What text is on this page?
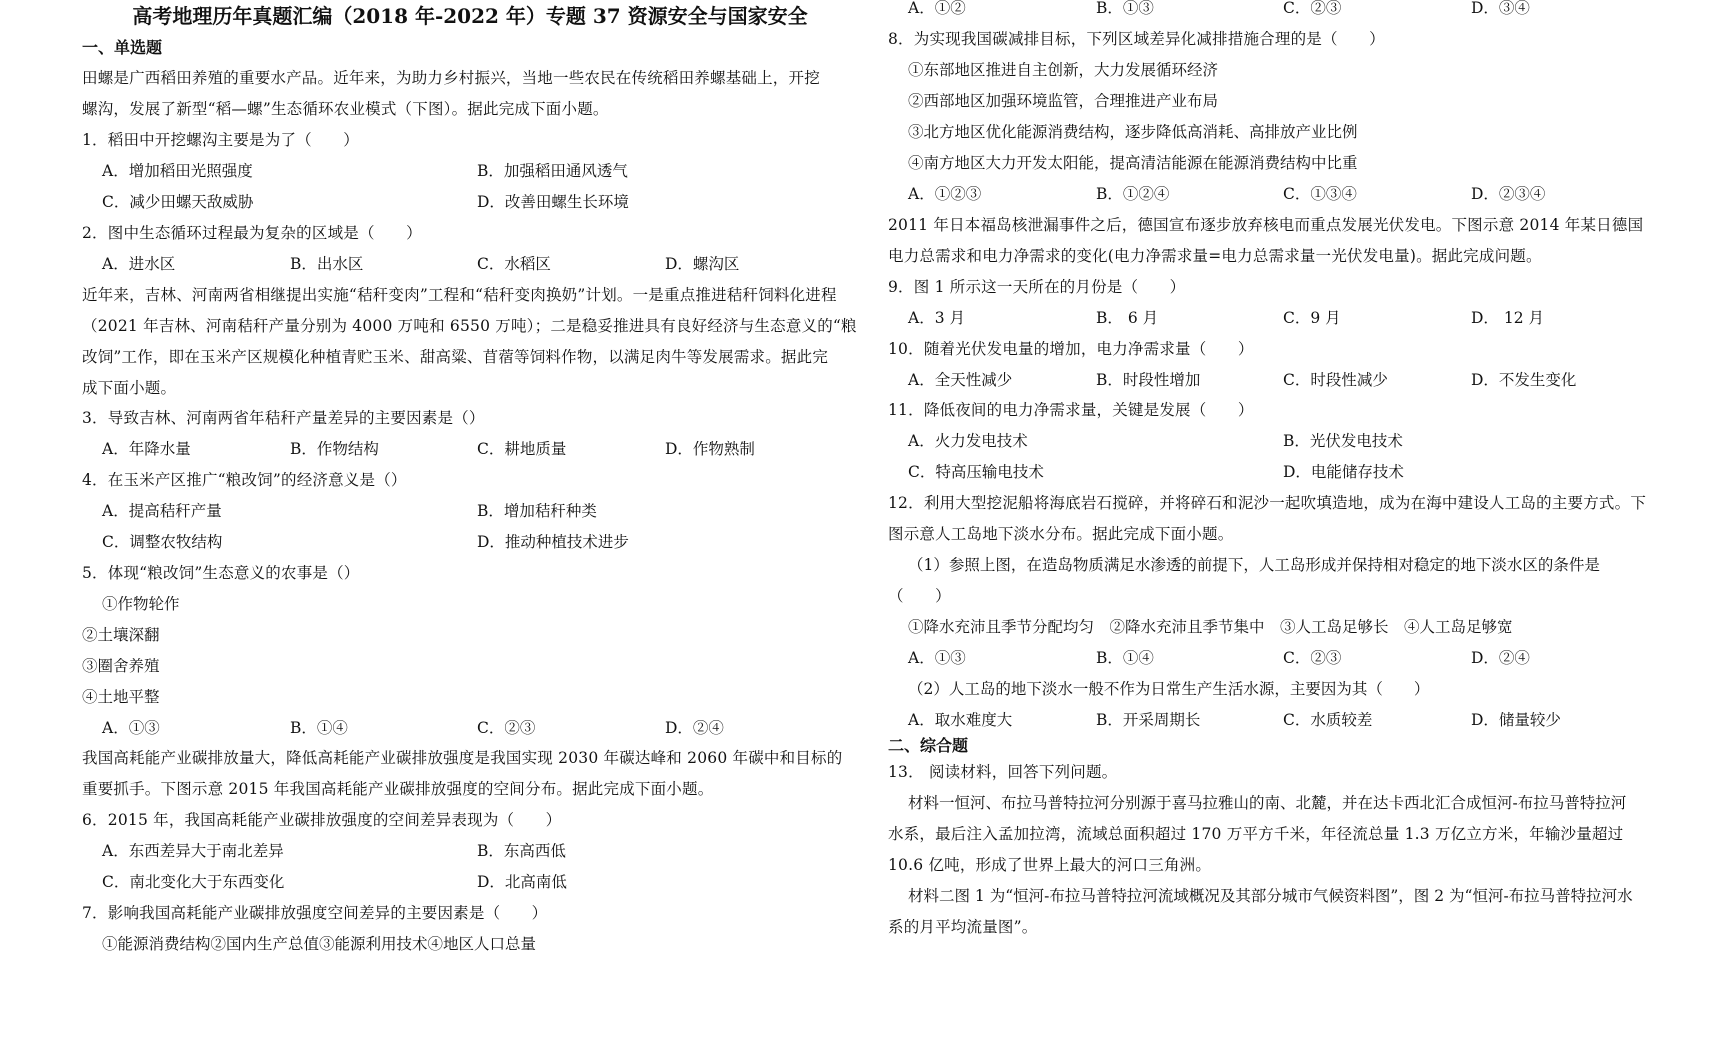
高考地理历年真题汇编（2018 年-2022 年）专题 37 资源安全与国家安全
一、单选题
田螺是广西稻田养殖的重要水产品。近年来，为助力乡村振兴，当地一些农民在传统稻田养螺基础上，开挖
螺沟，发展了新型“稻—螺”生态循环农业模式（下图）。据此完成下面小题。
1．稻田中开挖螺沟主要是为了（　　）
A．增加稻田光照强度	B．加强稻田通风透气
C．减少田螺天敌威胁	D．改善田螺生长环境
2．图中生态循环过程最为复杂的区域是（　　）
A．进水区	B．出水区	C．水稻区	D．螺沟区
近年来，吉林、河南两省相继提出实施“秸秆变肉”工程和“秸秆变肉换奶”计划。一是重点推进秸秆饲料化进程
（2021 年吉林、河南秸秆产量分别为 4000 万吨和 6550 万吨）；二是稳妥推进具有良好经济与生态意义的“粮
改饲”工作，即在玉米产区规模化种植青贮玉米、甜高粱、苜蓿等饲料作物，以满足肉牛等发展需求。据此完
成下面小题。
3．导致吉林、河南两省年秸秆产量差异的主要因素是（）
A．年降水量	B．作物结构	C．耕地质量	D．作物熟制
4．在玉米产区推广“粮改饲”的经济意义是（）
A．提高秸秆产量	B．增加秸秆种类
C．调整农牧结构	D．推动种植技术进步
5．体现“粮改饲”生态意义的农事是（）
①作物轮作
②土壤深翻
③圈舍养殖
④土地平整
A．①③	B．①④	C．②③	D．②④
我国高耗能产业碳排放量大，降低高耗能产业碳排放强度是我国实现 2030 年碳达峰和 2060 年碳中和目标的
重要抓手。下图示意 2015 年我国高耗能产业碳排放强度的空间分布。据此完成下面小题。
6．2015 年，我国高耗能产业碳排放强度的空间差异表现为（　　）
A．东西差异大于南北差异	B．东高西低
C．南北变化大于东西变化	D．北高南低
7．影响我国高耗能产业碳排放强度空间差异的主要因素是（　　）
①能源消费结构②国内生产总值③能源利用技术④地区人口总量
A．①②	B．①③	C．②③	D．③④
8．为实现我国碳减排目标，下列区域差异化减排措施合理的是（　　）
①东部地区推进自主创新，大力发展循环经济
②西部地区加强环境监管，合理推进产业布局
③北方地区优化能源消费结构，逐步降低高消耗、高排放产业比例
④南方地区大力开发太阳能，提高清洁能源在能源消费结构中比重
A．①②③	B．①②④	C．①③④	D．②③④
2011 年日本福岛核泄漏事件之后，德国宣布逐步放弃核电而重点发展光伏发电。下图示意 2014 年某日德国
电力总需求和电力净需求的变化(电力净需求量=电力总需求量一光伏发电量)。据此完成问题。
9．图 1 所示这一天所在的月份是（　　）
A．3 月	B． 6 月	C．9 月	D． 12 月
10．随着光伏发电量的增加，电力净需求量（　　）
A．全天性减少	B．时段性增加	C．时段性减少	D．不发生变化
11．降低夜间的电力净需求量，关键是发展（　　）
A．火力发电技术	B．光伏发电技术
C．特高压输电技术	D．电能储存技术
12．利用大型挖泥船将海底岩石搅碎，并将碎石和泥沙一起吹填造地，成为在海中建设人工岛的主要方式。下
图示意人工岛地下淡水分布。据此完成下面小题。
（1）参照上图，在造岛物质满足水渗透的前提下，人工岛形成并保持相对稳定的地下淡水区的条件是
（　　）
①降水充沛且季节分配均匀　②降水充沛且季节集中　③人工岛足够长　④人工岛足够宽
A．①③	B．①④	C．②③	D．②④
（2）人工岛的地下淡水一般不作为日常生产生活水源，主要因为其（　　）
A．取水难度大	B．开采周期长	C．水质较差	D．储量较少
二、综合题
13． 阅读材料，回答下列问题。
材料一恒河、布拉马普特拉河分别源于喜马拉雅山的南、北麓，并在达卡西北汇合成恒河-布拉马普特拉河
水系，最后注入孟加拉湾，流域总面积超过 170 万平方千米，年径流总量 1.3 万亿立方米，年输沙量超过
10.6 亿吨，形成了世界上最大的河口三角洲。
材料二图 1 为“恒河-布拉马普特拉河流域概况及其部分城市气候资料图”，图 2 为“恒河-布拉马普特拉河水
系的月平均流量图”。
